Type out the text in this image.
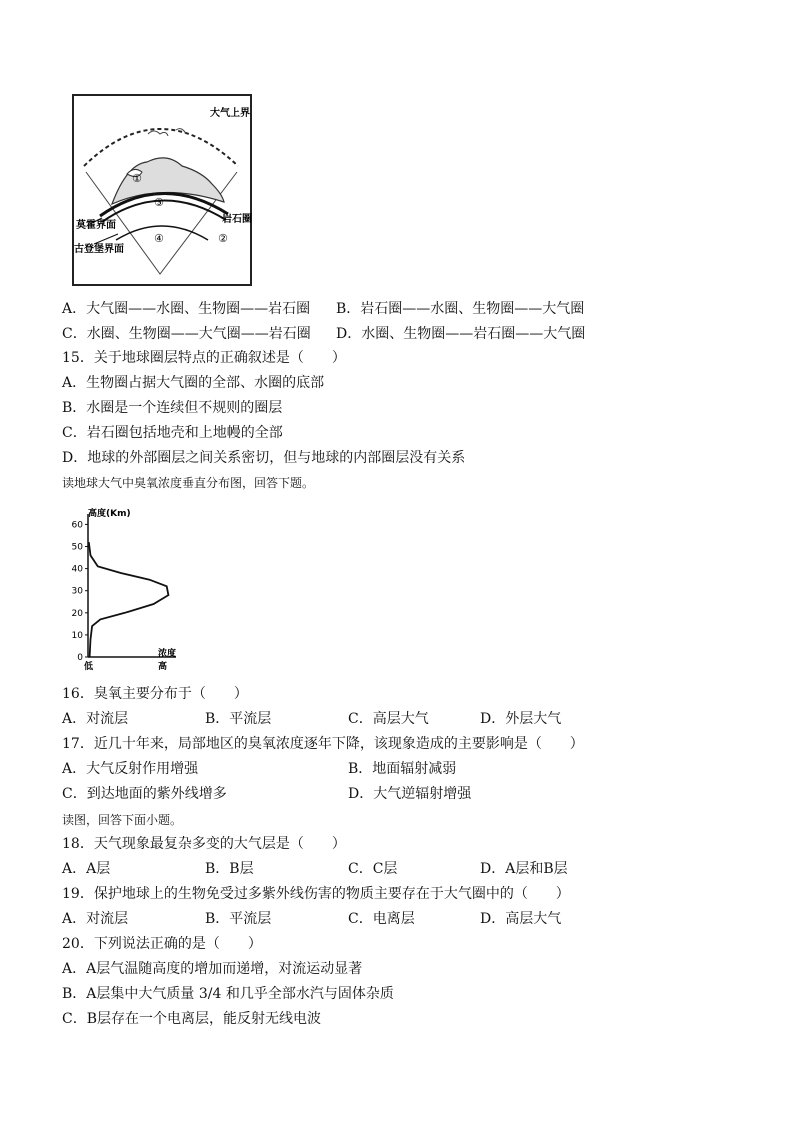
大气上界
①
③
④	②
岩石圈
莫霍界面
古登堡界面
A．大气圈——水圈、生物圈——岩石圈 B．岩石圈——水圈、生物圈——大气圈
C．水圈、生物圈——大气圈——岩石圈 D．水圈、生物圈——岩石圈——大气圈
15．关于地球圈层特点的正确叙述是（　　）
A．生物圈占据大气圈的全部、水圈的底部
B．水圈是一个连续但不规则的圈层
C．岩石圈包括地壳和上地幔的全部
D．地球的外部圈层之间关系密切，但与地球的内部圈层没有关系
读地球大气中臭氧浓度垂直分布图，回答下题。
0
10
20
30
40
50
60
低	高
高度(Km)
浓度
16．臭氧主要分布于（　　）
A．对流层	B．平流层	C．高层大气	D．外层大气
17．近几十年来，局部地区的臭氧浓度逐年下降，该现象造成的主要影响是（　　）
A．大气反射作用增强	B．地面辐射减弱
C．到达地面的紫外线增多	D．大气逆辐射增强
读图，回答下面小题。
18．天气现象最复杂多变的大气层是（　　）
A．A层	B．B层	C．C层	D．A层和B层
19．保护地球上的生物免受过多紫外线伤害的物质主要存在于大气圈中的（　　）
A．对流层	B．平流层	C．电离层	D．高层大气
20．下列说法正确的是（　　）
A．A层气温随高度的增加而递增，对流运动显著
B．A层集中大气质量 3/4 和几乎全部水汽与固体杂质
C．B层存在一个电离层，能反射无线电波
